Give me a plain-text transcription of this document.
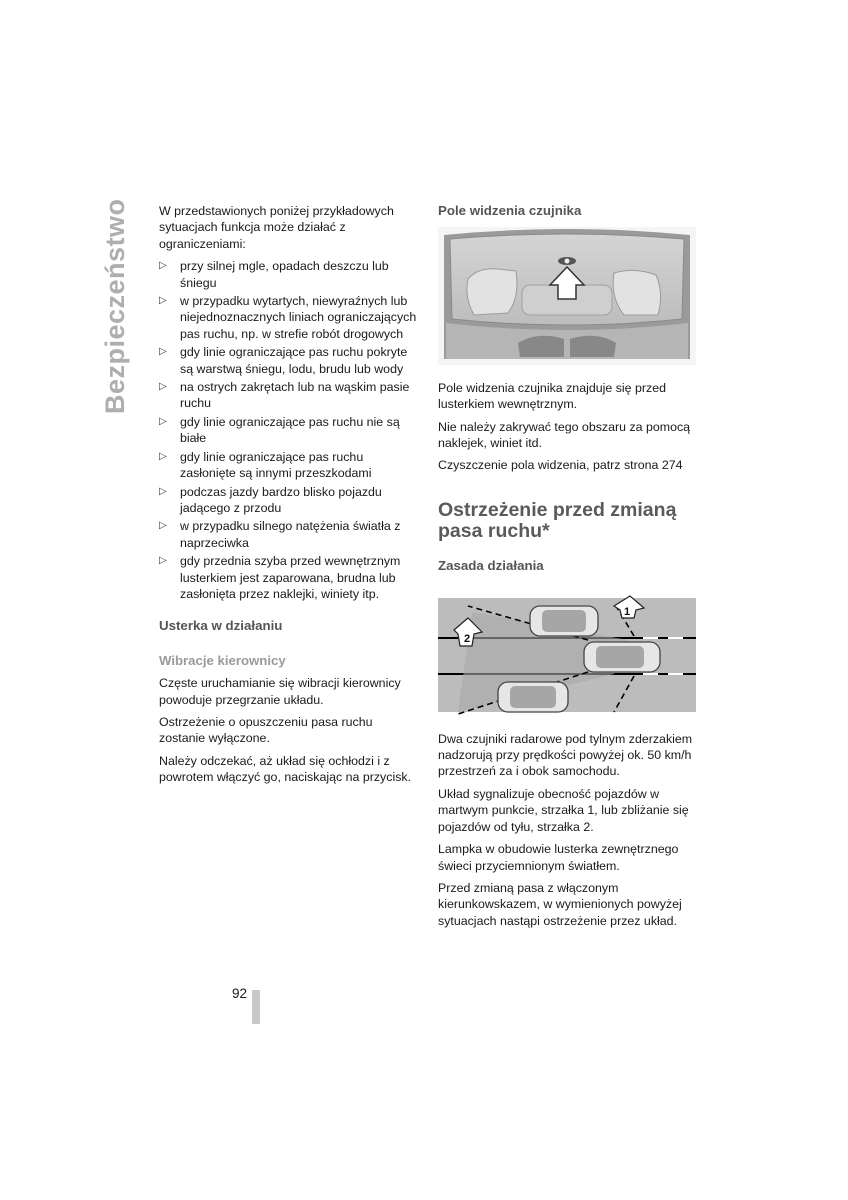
Bezpieczeństwo W przedstawionych poniżej przykładowych sytuacjach funkcja może działać z ograniczeniami:

▷ przy silnej mgle, opadach deszczu lub śniegu
▷ w przypadku wytartych, niewyraźnych lub niejednoznacznych liniach ograniczających pas ruchu, np. w strefie robót drogowych
▷ gdy linie ograniczające pas ruchu pokryte są warstwą śniegu, lodu, brudu lub wody
▷ na ostrych zakrętach lub na wąskim pasie ruchu
▷ gdy linie ograniczające pas ruchu nie są białe
▷ gdy linie ograniczające pas ruchu zasłonięte są innymi przeszkodami
▷ podczas jazdy bardzo blisko pojazdu jadącego z przodu
▷ w przypadku silnego natężenia światła z naprzeciwka
▷ gdy przednia szyba przed wewnętrznym lusterkiem jest zaparowana, brudna lub zasłonięta przez naklejki, winiety itp.
Usterka w działaniu
Wibracje kierownicy

Częste uruchamianie się wibracji kierownicy powoduje przegrzanie układu.

Ostrzeżenie o opuszczeniu pasa ruchu zostanie wyłączone.

Należy odczekać, aż układ się ochłodzi i z powrotem włączyć go, naciskając na przycisk.

Pole widzenia czujnika

Pole widzenia czujnika znajduje się przed lusterkiem wewnętrznym.

Nie należy zakrywać tego obszaru za pomocą naklejek, winiet itd.

Czyszczenie pola widzenia, patrz strona 274

Ostrzeżenie przed zmianą pasa ruchu*
Zasada działania
1
2

Dwa czujniki radarowe pod tylnym zderzakiem nadzorują przy prędkości powyżej ok. 50 km/h przestrzeń za i obok samochodu.

Układ sygnalizuje obecność pojazdów w martwym punkcie, strzałka 1, lub zbliżanie się pojazdów od tyłu, strzałka 2.

Lampka w obudowie lusterka zewnętrznego świeci przyciemnionym światłem.

Przed zmianą pasa z włączonym kierunkowskazem, w wymienionych powyżej sytuacjach nastąpi ostrzeżenie przez układ.

92
